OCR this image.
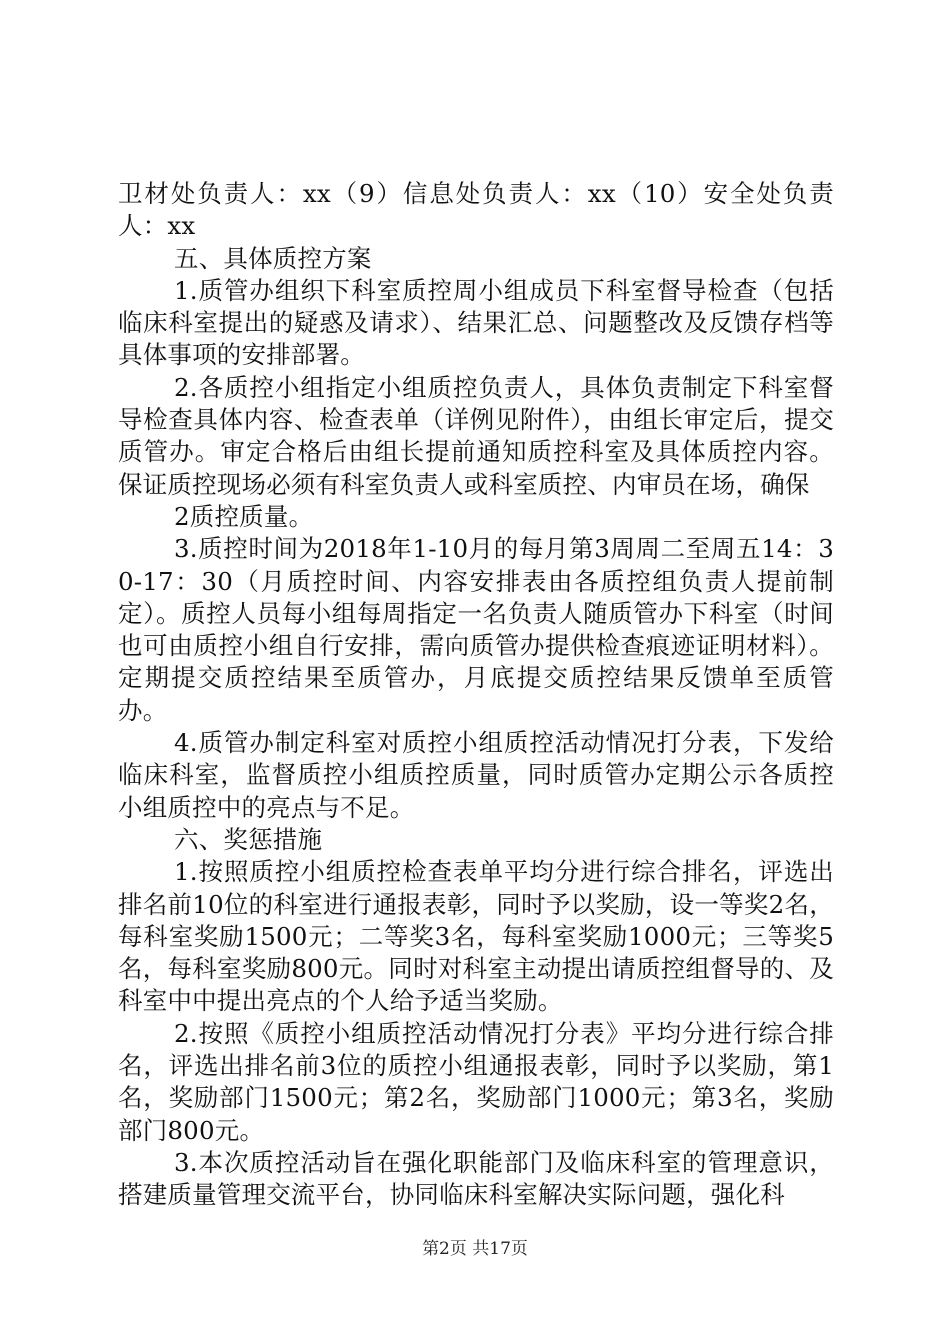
卫材处负责人：xx（9）信息处负责人：xx（10）安全处负责人：xx

五、具体质控方案

1.质管办组织下科室质控周小组成员下科室督导检查（包括临床科室提出的疑惑及请求）、结果汇总、问题整改及反馈存档等具体事项的安排部署。

2.各质控小组指定小组质控负责人，具体负责制定下科室督导检查具体内容、检查表单（详例见附件），由组长审定后，提交质管办。审定合格后由组长提前通知质控科室及具体质控内容。保证质控现场必须有科室负责人或科室质控、内审员在场，确保

2质控质量。

3.质控时间为2018年1-10月的每月第3周周二至周五14：30-17：30（月质控时间、内容安排表由各质控组负责人提前制定）。质控人员每小组每周指定一名负责人随质管办下科室（时间也可由质控小组自行安排，需向质管办提供检查痕迹证明材料）。定期提交质控结果至质管办，月底提交质控结果反馈单至质管办。

4.质管办制定科室对质控小组质控活动情况打分表，下发给临床科室，监督质控小组质控质量，同时质管办定期公示各质控小组质控中的亮点与不足。

六、奖惩措施

1.按照质控小组质控检查表单平均分进行综合排名，评选出排名前10位的科室进行通报表彰，同时予以奖励，设一等奖2名，每科室奖励1500元；二等奖3名，每科室奖励1000元；三等奖5名，每科室奖励800元。同时对科室主动提出请质控组督导的、及科室中中提出亮点的个人给予适当奖励。

2.按照《质控小组质控活动情况打分表》平均分进行综合排名，评选出排名前3位的质控小组通报表彰，同时予以奖励，第1名，奖励部门1500元；第2名，奖励部门1000元；第3名，奖励部门800元。

3.本次质控活动旨在强化职能部门及临床科室的管理意识，搭建质量管理交流平台，协同临床科室解决实际问题，强化科

第2页 共17页
